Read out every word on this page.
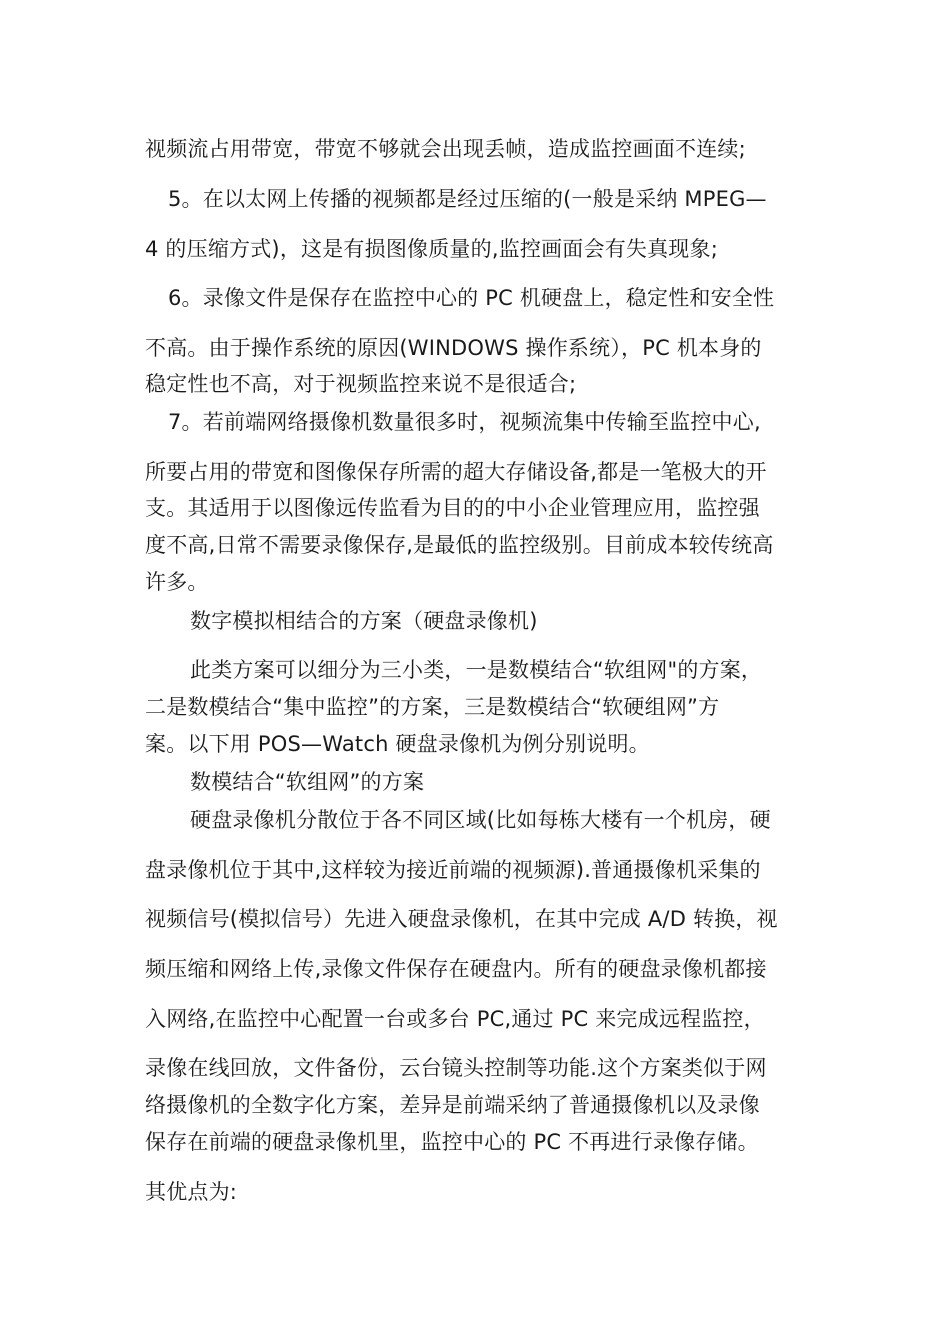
视频流占用带宽，带宽不够就会出现丢帧，造成监控画面不连续;

5。在以太网上传播的视频都是经过压缩的(一般是采纳 MPEG—

4 的压缩方式)，这是有损图像质量的,监控画面会有失真现象;

6。录像文件是保存在监控中心的 PC 机硬盘上，稳定性和安全性

不高。由于操作系统的原因(WINDOWS 操作系统），PC 机本身的

稳定性也不高，对于视频监控来说不是很适合;

7。若前端网络摄像机数量很多时，视频流集中传输至监控中心,

所要占用的带宽和图像保存所需的超大存储设备,都是一笔极大的开

支。其适用于以图像远传监看为目的的中小企业管理应用，监控强

度不高,日常不需要录像保存,是最低的监控级别。目前成本较传统高

许多。

数字模拟相结合的方案（硬盘录像机)

此类方案可以细分为三小类，一是数模结合“软组网"的方案，

二是数模结合“集中监控”的方案，三是数模结合“软硬组网”方

案。以下用 POS—Watch 硬盘录像机为例分别说明。

数模结合“软组网”的方案

硬盘录像机分散位于各不同区域(比如每栋大楼有一个机房，硬

盘录像机位于其中,这样较为接近前端的视频源).普通摄像机采集的

视频信号(模拟信号）先进入硬盘录像机，在其中完成 A/D 转换，视

频压缩和网络上传,录像文件保存在硬盘内。所有的硬盘录像机都接

入网络,在监控中心配置一台或多台 PC,通过 PC 来完成远程监控，

录像在线回放，文件备份，云台镜头控制等功能.这个方案类似于网

络摄像机的全数字化方案，差异是前端采纳了普通摄像机以及录像

保存在前端的硬盘录像机里，监控中心的 PC 不再进行录像存储。

其优点为:
